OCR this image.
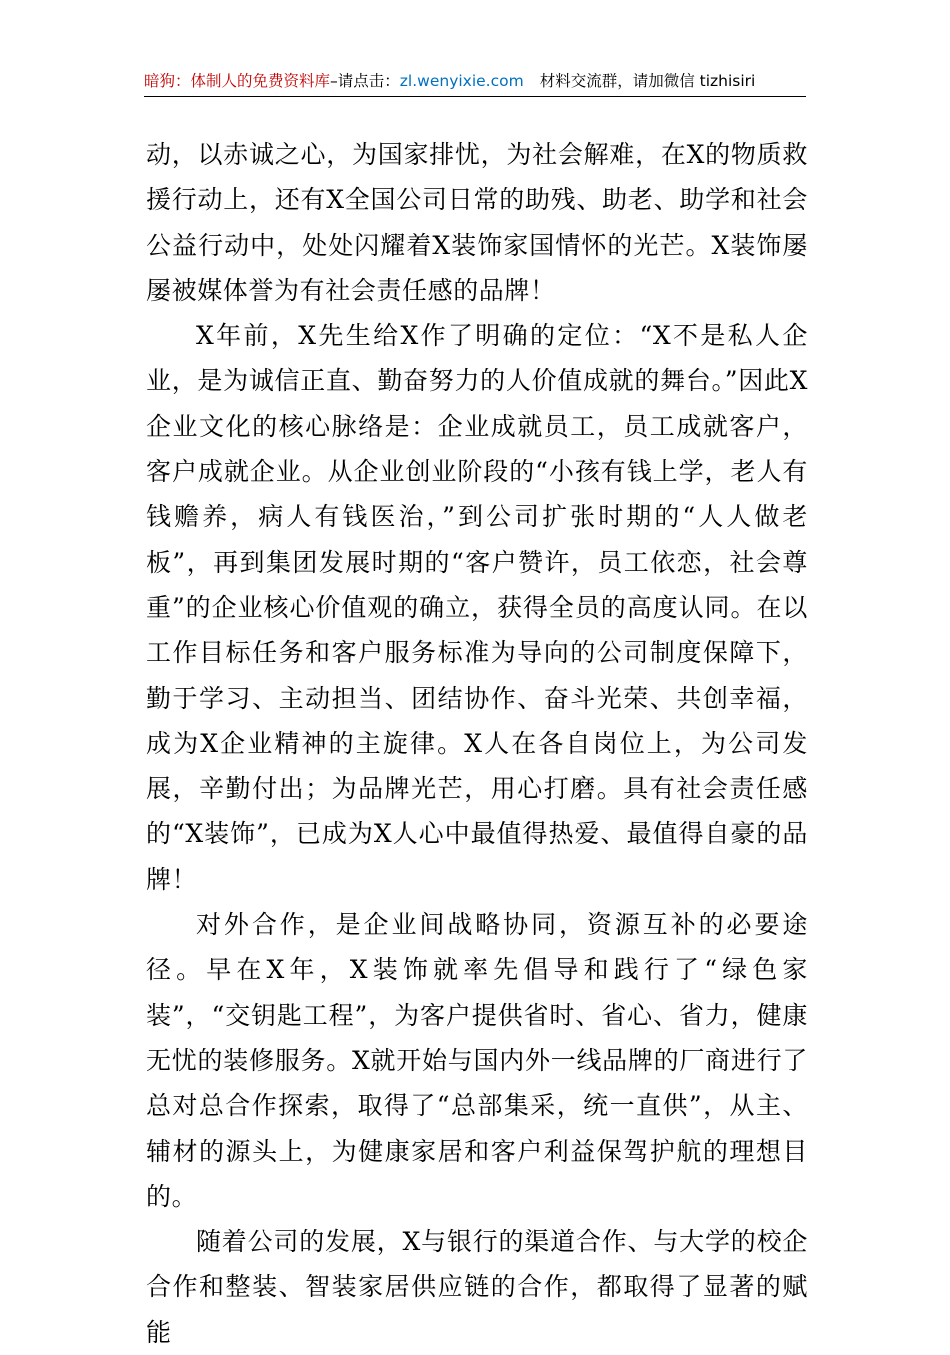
暗狗：体制人的免费资料库–请点击：zl.wenyixie.com 材料交流群，请加微信 tizhisiri

动，以赤诚之心，为国家排忧，为社会解难，在X的物质救援行动上，还有X全国公司日常的助残、助老、助学和社会公益行动中，处处闪耀着X装饰家国情怀的光芒。X装饰屡屡被媒体誉为有社会责任感的品牌！

X年前，X先生给X作了明确的定位：“X不是私人企业，是为诚信正直、勤奋努力的人价值成就的舞台。”因此X企业文化的核心脉络是：企业成就员工，员工成就客户，客户成就企业。从企业创业阶段的“小孩有钱上学，老人有钱赡养，病人有钱医治，”到公司扩张时期的“人人做老板”，再到集团发展时期的“客户赞许，员工依恋，社会尊重”的企业核心价值观的确立，获得全员的高度认同。在以工作目标任务和客户服务标准为导向的公司制度保障下，勤于学习、主动担当、团结协作、奋斗光荣、共创幸福，成为X企业精神的主旋律。X人在各自岗位上，为公司发展，辛勤付出；为品牌光芒，用心打磨。具有社会责任感的“X装饰”，已成为X人心中最值得热爱、最值得自豪的品牌！

对外合作，是企业间战略协同，资源互补的必要途径。早在X年，X装饰就率先倡导和践行了“绿色家装”，“交钥匙工程”，为客户提供省时、省心、省力，健康无忧的装修服务。X就开始与国内外一线品牌的厂商进行了总对总合作探索，取得了“总部集采，统一直供”，从主、辅材的源头上，为健康家居和客户利益保驾护航的理想目的。

随着公司的发展，X与银行的渠道合作、与大学的校企合作和整装、智装家居供应链的合作，都取得了显著的赋能
